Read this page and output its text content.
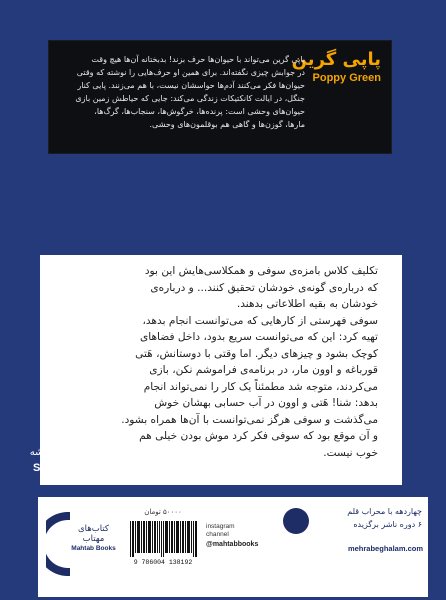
پاپی گرین
Poppy Green
پاپی گرین می‌تواند با حیوان‌ها حرف بزند! بدبختانه آن‌ها هیچ وقت
در جوابش چیزی نگفته‌اند. برای همین او حرف‌هایی را نوشته که وقتی
حیوان‌ها فکر می‌کنند آدم‌ها حواسشان نیست، با هم می‌زنند. پایی کنار
جنگل، در ایالت کانکتیکات زندگی می‌کند: جایی که حیاطش زمین بازی
حیوان‌های وحشی است: پرنده‌ها، خرگوش‌ها، سنجاب‌ها، گرگ‌ها،
مارها، گوزن‌ها و گاهی هم بوقلمون‌های وحشی.
تکلیف کلاس بامزه‌ی سوفی و همکلاسی‌هایش این بود
که درباره‌ی گونه‌ی خودشان تحقیق کنند... و درباره‌ی
خودشان به بقیه اطلاعاتی بدهند.
سوفی فهرستی از کارهایی که می‌توانست انجام بدهد،
تهیه کرد: این که می‌توانست سریع بدود، داخل فضاهای
کوچک بشود و چیزهای دیگر. اما وقتی با دوستانش، هَتی
قورباغه و اوون مار، در برنامه‌ی فراموشم نکن، بازی
می‌کردند، متوجه شد مطمئناً یک کار را نمی‌تواند انجام
بدهد: شنا! هَتی و اوون در آب حسابی بهشان خوش
می‌گذشت و سوفی هرگز نمی‌توانست با آن‌ها همراه بشود.
و آن موقع بود که سوفی فکر کرد موش بودن خیلی هم
خوب نیست.
ماجراهای سوفی موشه
Sophie Mouse
کتاب‌های مهتاب
Mahtab Books
۵۰۰۰۰ تومان
9 786004 138192
instagram
channel
@mahtabbooks
چهاردهه با محراب قلم
۶ دوره ناشر برگزیده
mehrabeghalam.com
